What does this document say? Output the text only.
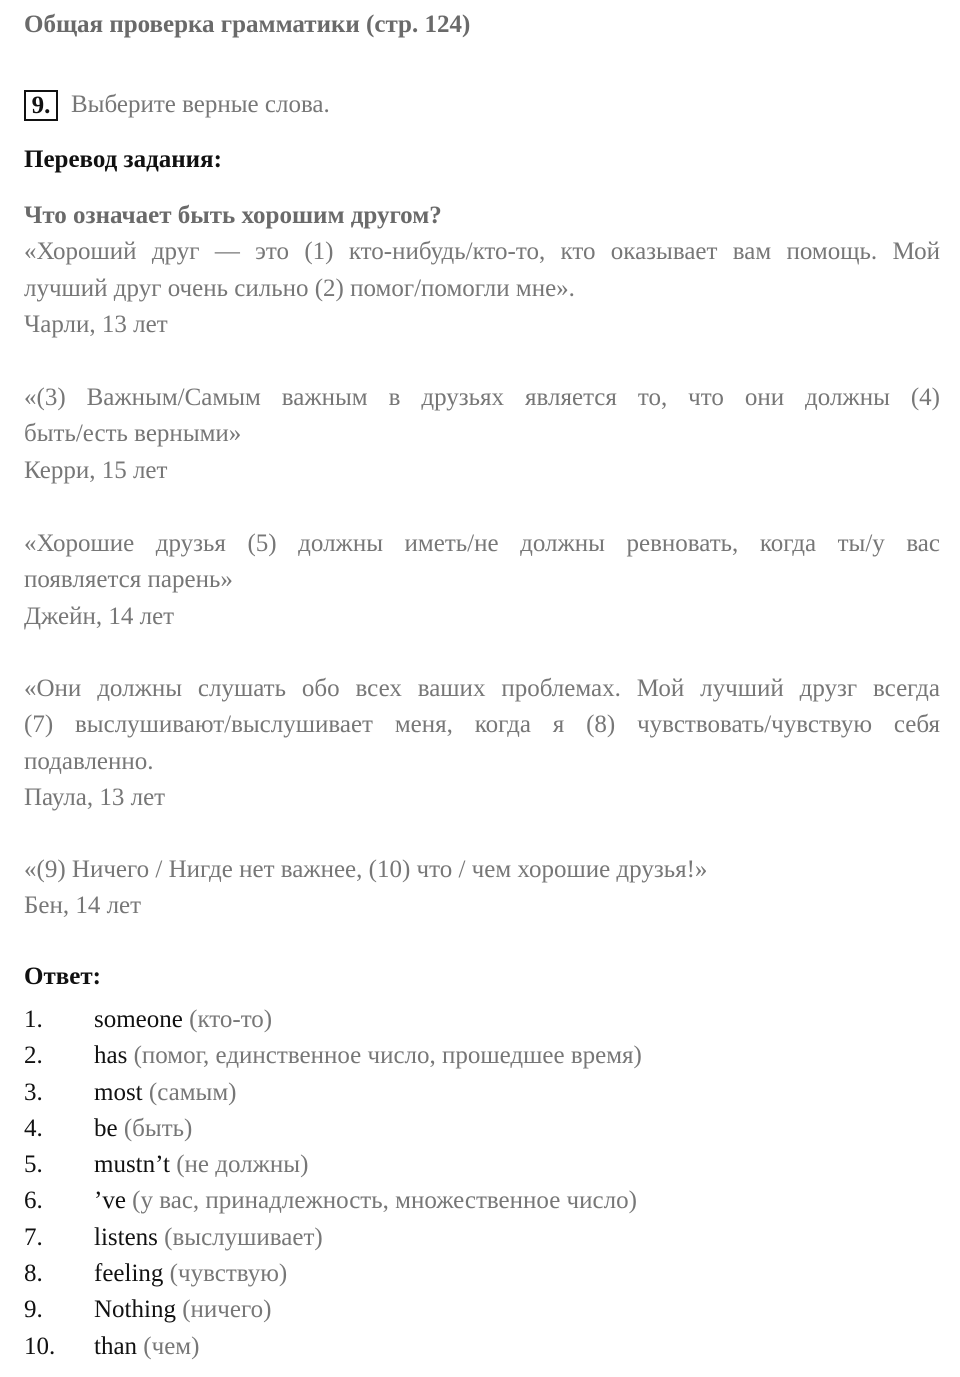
Общая проверка грамматики (стр. 124)
9. Выберите верные слова.
Перевод задания:
Что означает быть хорошим другом?
«Хороший друг — это (1) кто-нибудь/кто-то, кто оказывает вам помощь. Мой
лучший друг очень сильно (2) помог/помогли мне».
Чарли, 13 лет
«(3) Важным/Самым важным в друзьях является то, что они должны (4)
быть/есть верными»
Керри, 15 лет
«Хорошие друзья (5) должны иметь/не должны ревновать, когда ты/у вас
появляется парень»
Джейн, 14 лет
«Они должны слушать обо всех ваших проблемах. Мой лучший друзг всегда
(7) выслушивают/выслушивает меня, когда я (8) чувствовать/чувствую себя
подавленно.
Паула, 13 лет
«(9) Ничего / Нигде нет важнее, (10) что / чем хорошие друзья!»
Бен, 14 лет
Ответ:
1. someone (кто-то)
2. has (помог, единственное число, прошедшее время)
3. most (самым)
4. be (быть)
5. mustn’t (не должны)
6. ’ve (у вас, принадлежность, множественное число)
7. listens (выслушивает)
8. feeling (чувствую)
9. Nothing (ничего)
10. than (чем)
